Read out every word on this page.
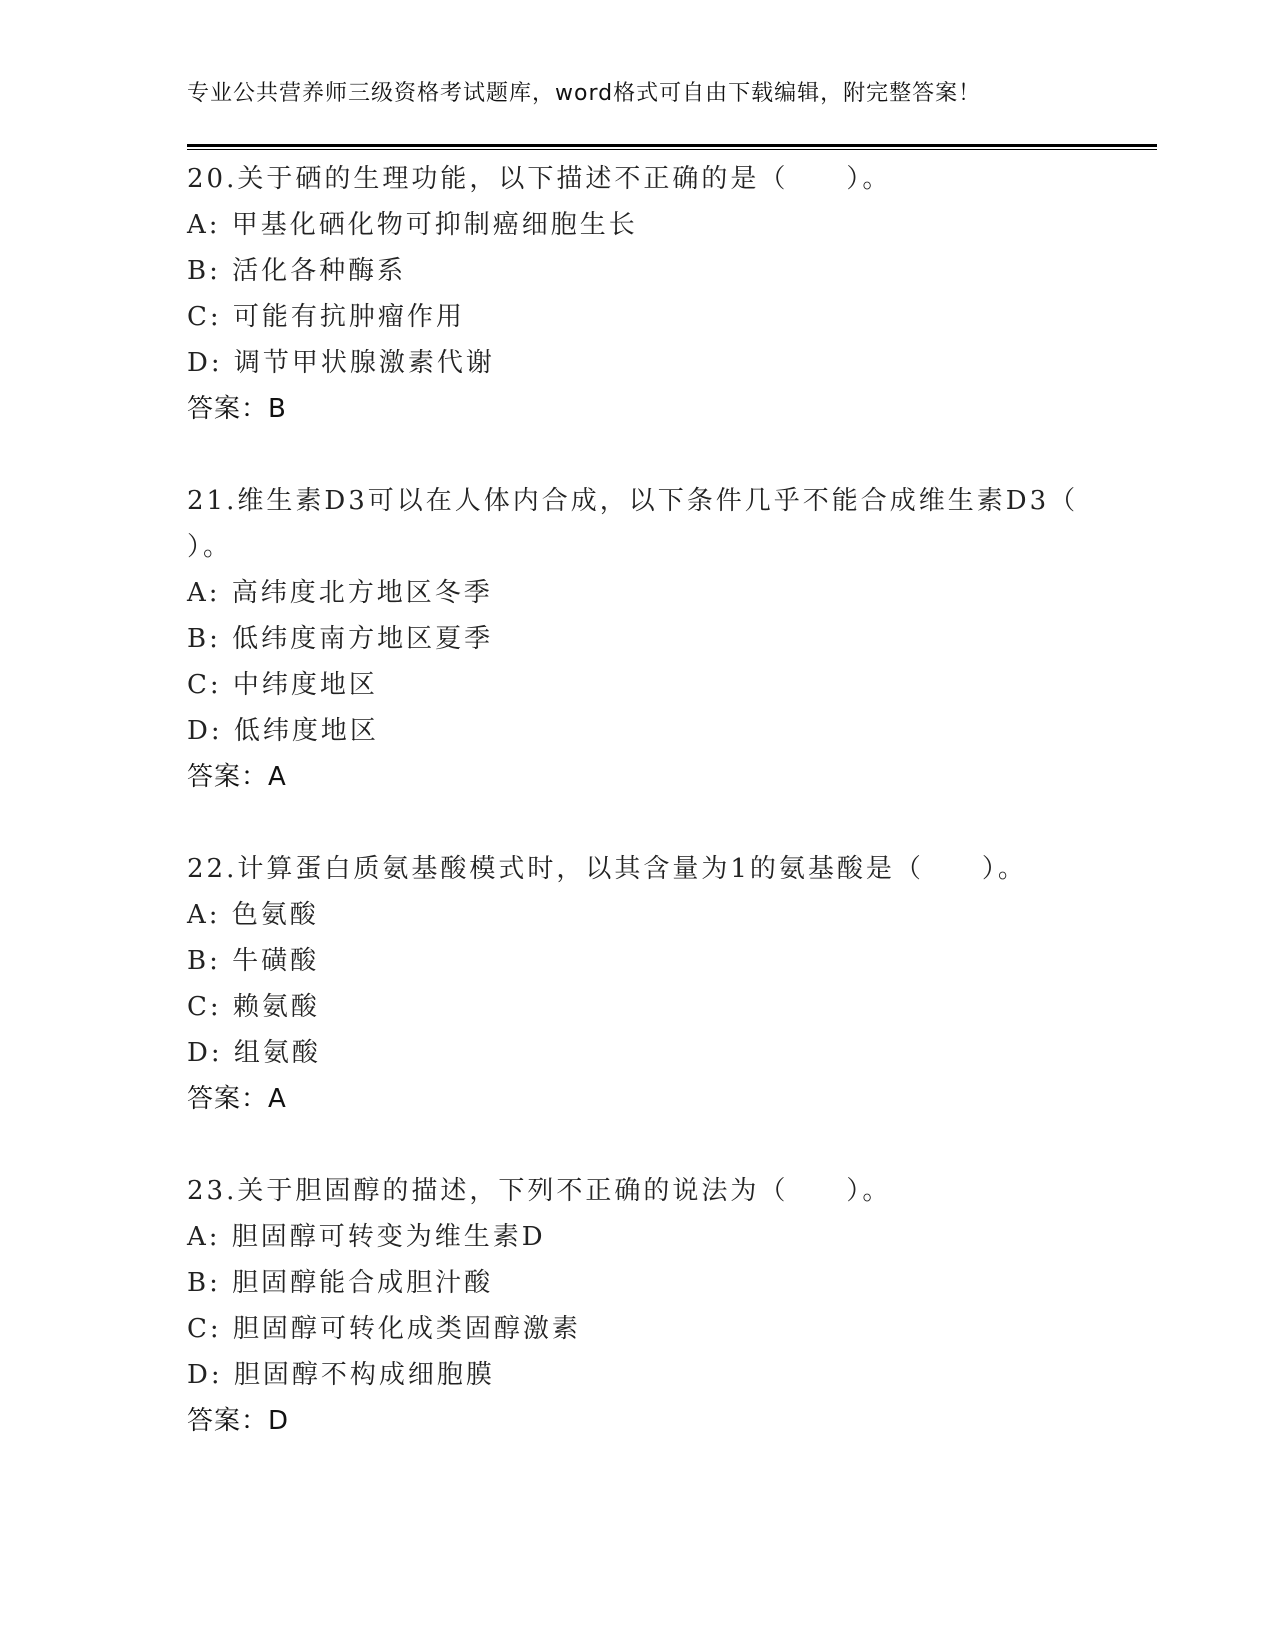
专业公共营养师三级资格考试题库，word格式可自由下载编辑，附完整答案！
20.关于硒的生理功能，以下描述不正确的是（　　）。
A: 甲基化硒化物可抑制癌细胞生长
B: 活化各种酶系
C: 可能有抗肿瘤作用
D: 调节甲状腺激素代谢
答案：B
21.维生素D3可以在人体内合成，以下条件几乎不能合成维生素D3（
）。
A: 高纬度北方地区冬季
B: 低纬度南方地区夏季
C: 中纬度地区
D: 低纬度地区
答案：A
22.计算蛋白质氨基酸模式时，以其含量为1的氨基酸是（　　）。
A: 色氨酸
B: 牛磺酸
C: 赖氨酸
D: 组氨酸
答案：A
23.关于胆固醇的描述，下列不正确的说法为（　　）。
A: 胆固醇可转变为维生素D
B: 胆固醇能合成胆汁酸
C: 胆固醇可转化成类固醇激素
D: 胆固醇不构成细胞膜
答案：D
